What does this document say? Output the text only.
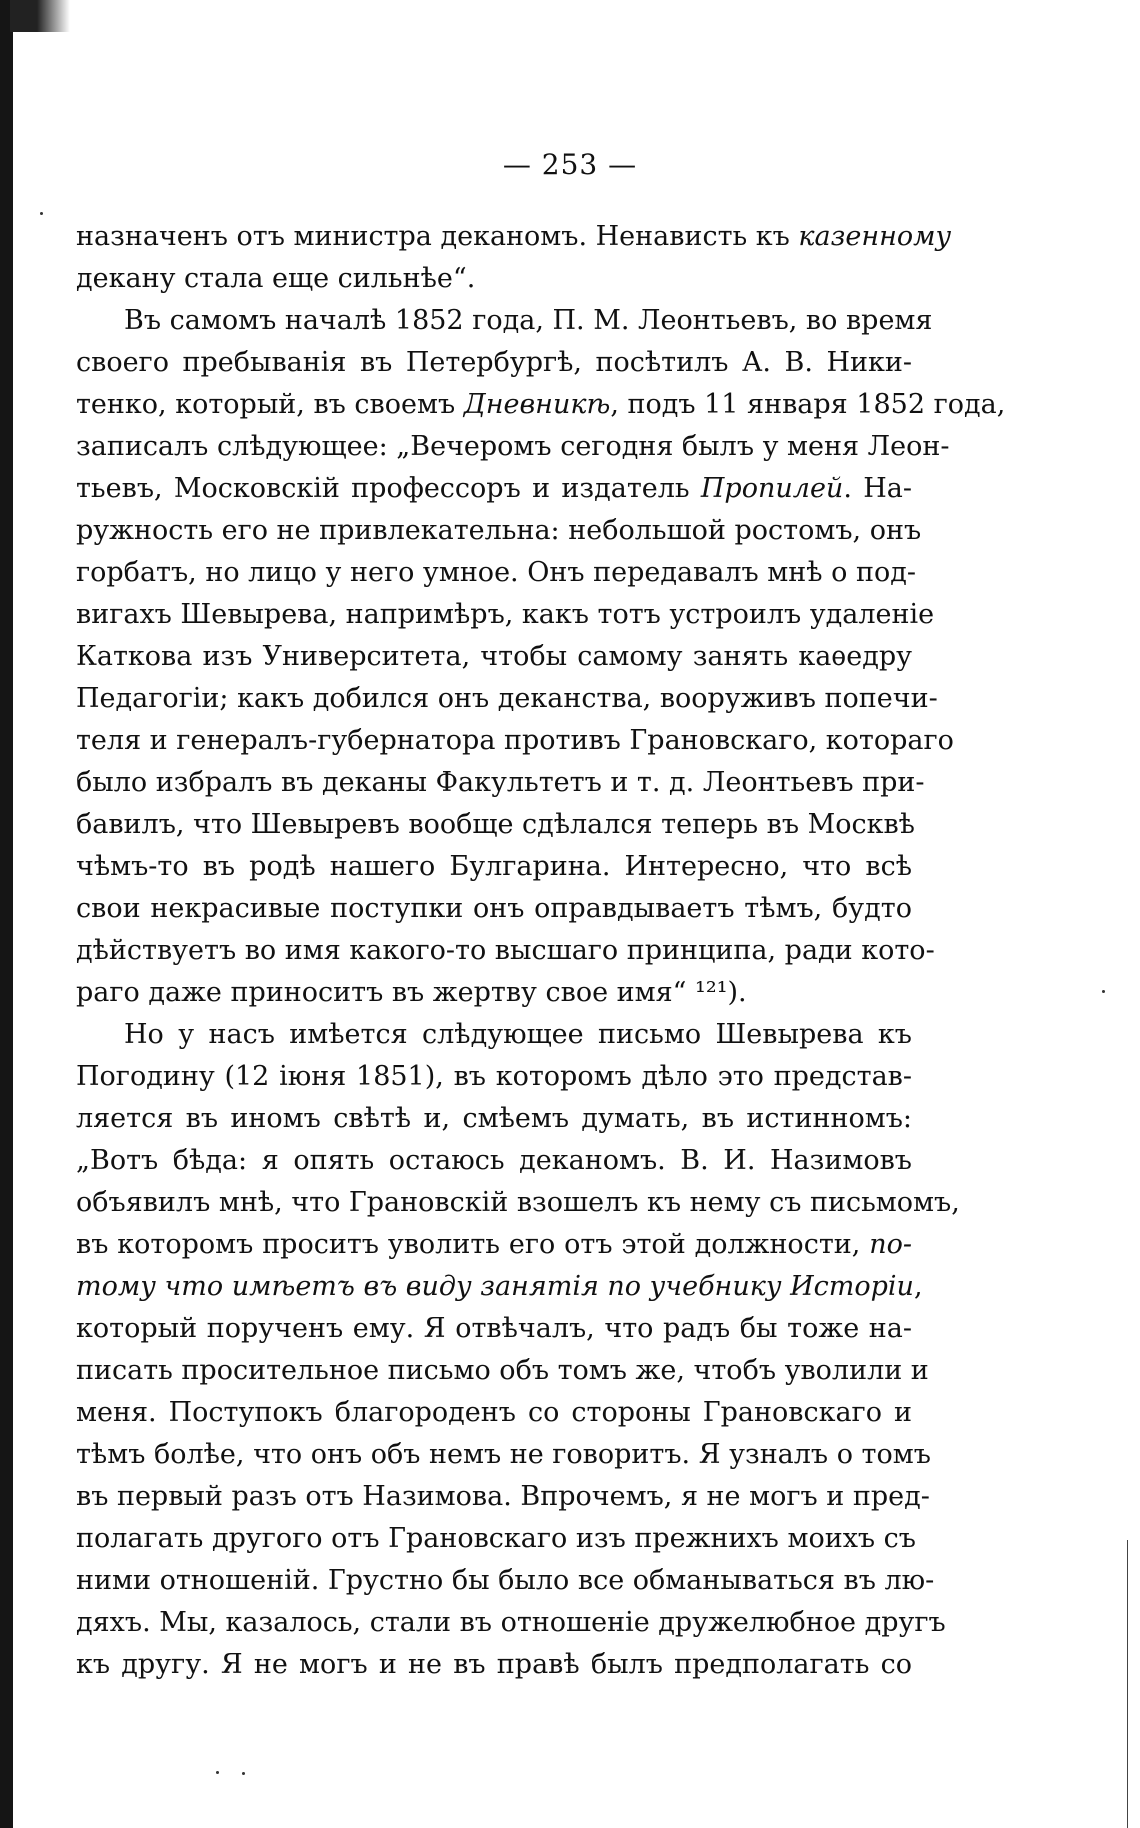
— 253 —
назначенъ отъ министра деканомъ. Ненависть къ казенному
декану стала еще сильнѣе“.
Въ самомъ началѣ 1852 года, П. М. Леонтьевъ, во время
своего пребыванія въ Петербургѣ, посѣтилъ А. В. Ники-
тенко, который, въ своемъ Дневникѣ, подъ 11 января 1852 года,
записалъ слѣдующее: „Вечеромъ сегодня былъ у меня Леон-
тьевъ, Московскій профессоръ и издатель Пропилей. На-
ружность его не привлекательна: небольшой ростомъ, онъ
горбатъ, но лицо у него умное. Онъ передавалъ мнѣ о под-
вигахъ Шевырева, напримѣръ, какъ тотъ устроилъ удаленіе
Каткова изъ Университета, чтобы самому занять каѳедру
Педагогіи; какъ добился онъ деканства, вооруживъ попечи-
теля и генералъ-губернатора противъ Грановскаго, котораго
было избралъ въ деканы Факультетъ и т. д. Леонтьевъ при-
бавилъ, что Шевыревъ вообще сдѣлался теперь въ Москвѣ
чѣмъ-то въ родѣ нашего Булгарина. Интересно, что всѣ
свои некрасивые поступки онъ оправдываетъ тѣмъ, будто
дѣйствуетъ во имя какого-то высшаго принципа, ради кото-
раго даже приноситъ въ жертву свое имя“ ¹²¹).
Но у насъ имѣется слѣдующее письмо Шевырева къ
Погодину (12 іюня 1851), въ которомъ дѣло это представ-
ляется въ иномъ свѣтѣ и, смѣемъ думать, въ истинномъ:
„Вотъ бѣда: я опять остаюсь деканомъ. В. И. Назимовъ
объявилъ мнѣ, что Грановскій взошелъ къ нему съ письмомъ,
въ которомъ проситъ уволить его отъ этой должности, по-
тому что имѣетъ въ виду занятія по учебнику Исторіи,
который порученъ ему. Я отвѣчалъ, что радъ бы тоже на-
писать просительное письмо объ томъ же, чтобъ уволили и
меня. Поступокъ благороденъ со стороны Грановскаго и
тѣмъ болѣе, что онъ объ немъ не говоритъ. Я узналъ о томъ
въ первый разъ отъ Назимова. Впрочемъ, я не могъ и пред-
полагать другого отъ Грановскаго изъ прежнихъ моихъ съ
ними отношеній. Грустно бы было все обманываться въ лю-
дяхъ. Мы, казалось, стали въ отношеніе дружелюбное другъ
къ другу. Я не могъ и не въ правѣ былъ предполагать со
